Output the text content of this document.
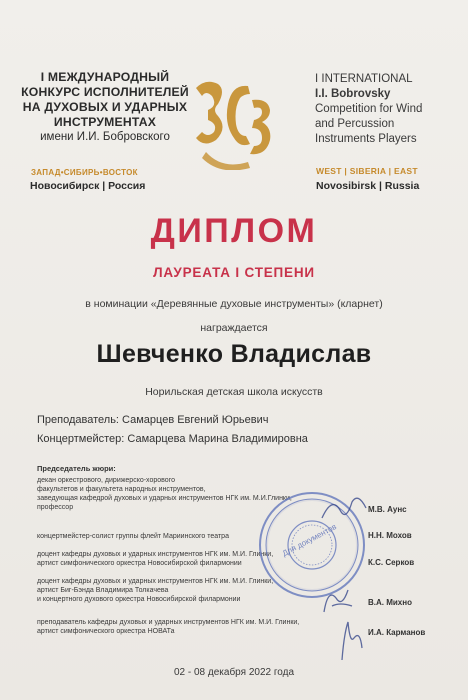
I МЕЖДУНАРОДНЫЙ
КОНКУРС ИСПОЛНИТЕЛЕЙ
НА ДУХОВЫХ И УДАРНЫХ
ИНСТРУМЕНТАХ
имени И.И. Бобровского
ЗАПАД•СИБИРЬ•ВОСТОК
Новосибирск | Россия
I INTERNATIONAL
I.I. Bobrovsky
Competition for Wind
and Percussion
Instruments Players
WEST | SIBERIA | EAST
Novosibirsk | Russia
ДИПЛОМ
ЛАУРЕАТА I СТЕПЕНИ
в номинации «Деревянные духовые инструменты» (кларнет)
награждается
Шевченко Владислав
Норильская детская школа искусств
Преподаватель: Самарцев Евгений Юрьевич
Концертмейстер: Самарцева Марина Владимировна
Председатель жюри:
декан оркестрового, дирижерско-хорового
факультетов и факультета народных инструментов,
заведующая кафедрой духовых и ударных инструментов НГК им. М.И.Глинки,
профессор	М.В. Аунс
концертмейстер-солист группы флейт Мариинского театра	Н.Н. Мохов
доцент кафедры духовых и ударных инструментов НГК им. М.И. Глинки,
артист симфонического оркестра Новосибирской филармонии	К.С. Серков
доцент кафедры духовых и ударных инструментов НГК им. М.И. Глинки,
артист Биг-Бэнда Владимира Толкачева
и концертного духового оркестра Новосибирской филармонии	В.А. Михно
преподаватель кафедры духовых и ударных инструментов НГК им. М.И. Глинки,
артист симфонического оркестра НОВАТа	И.А. Карманов
Для документов
02 - 08 декабря 2022 года
